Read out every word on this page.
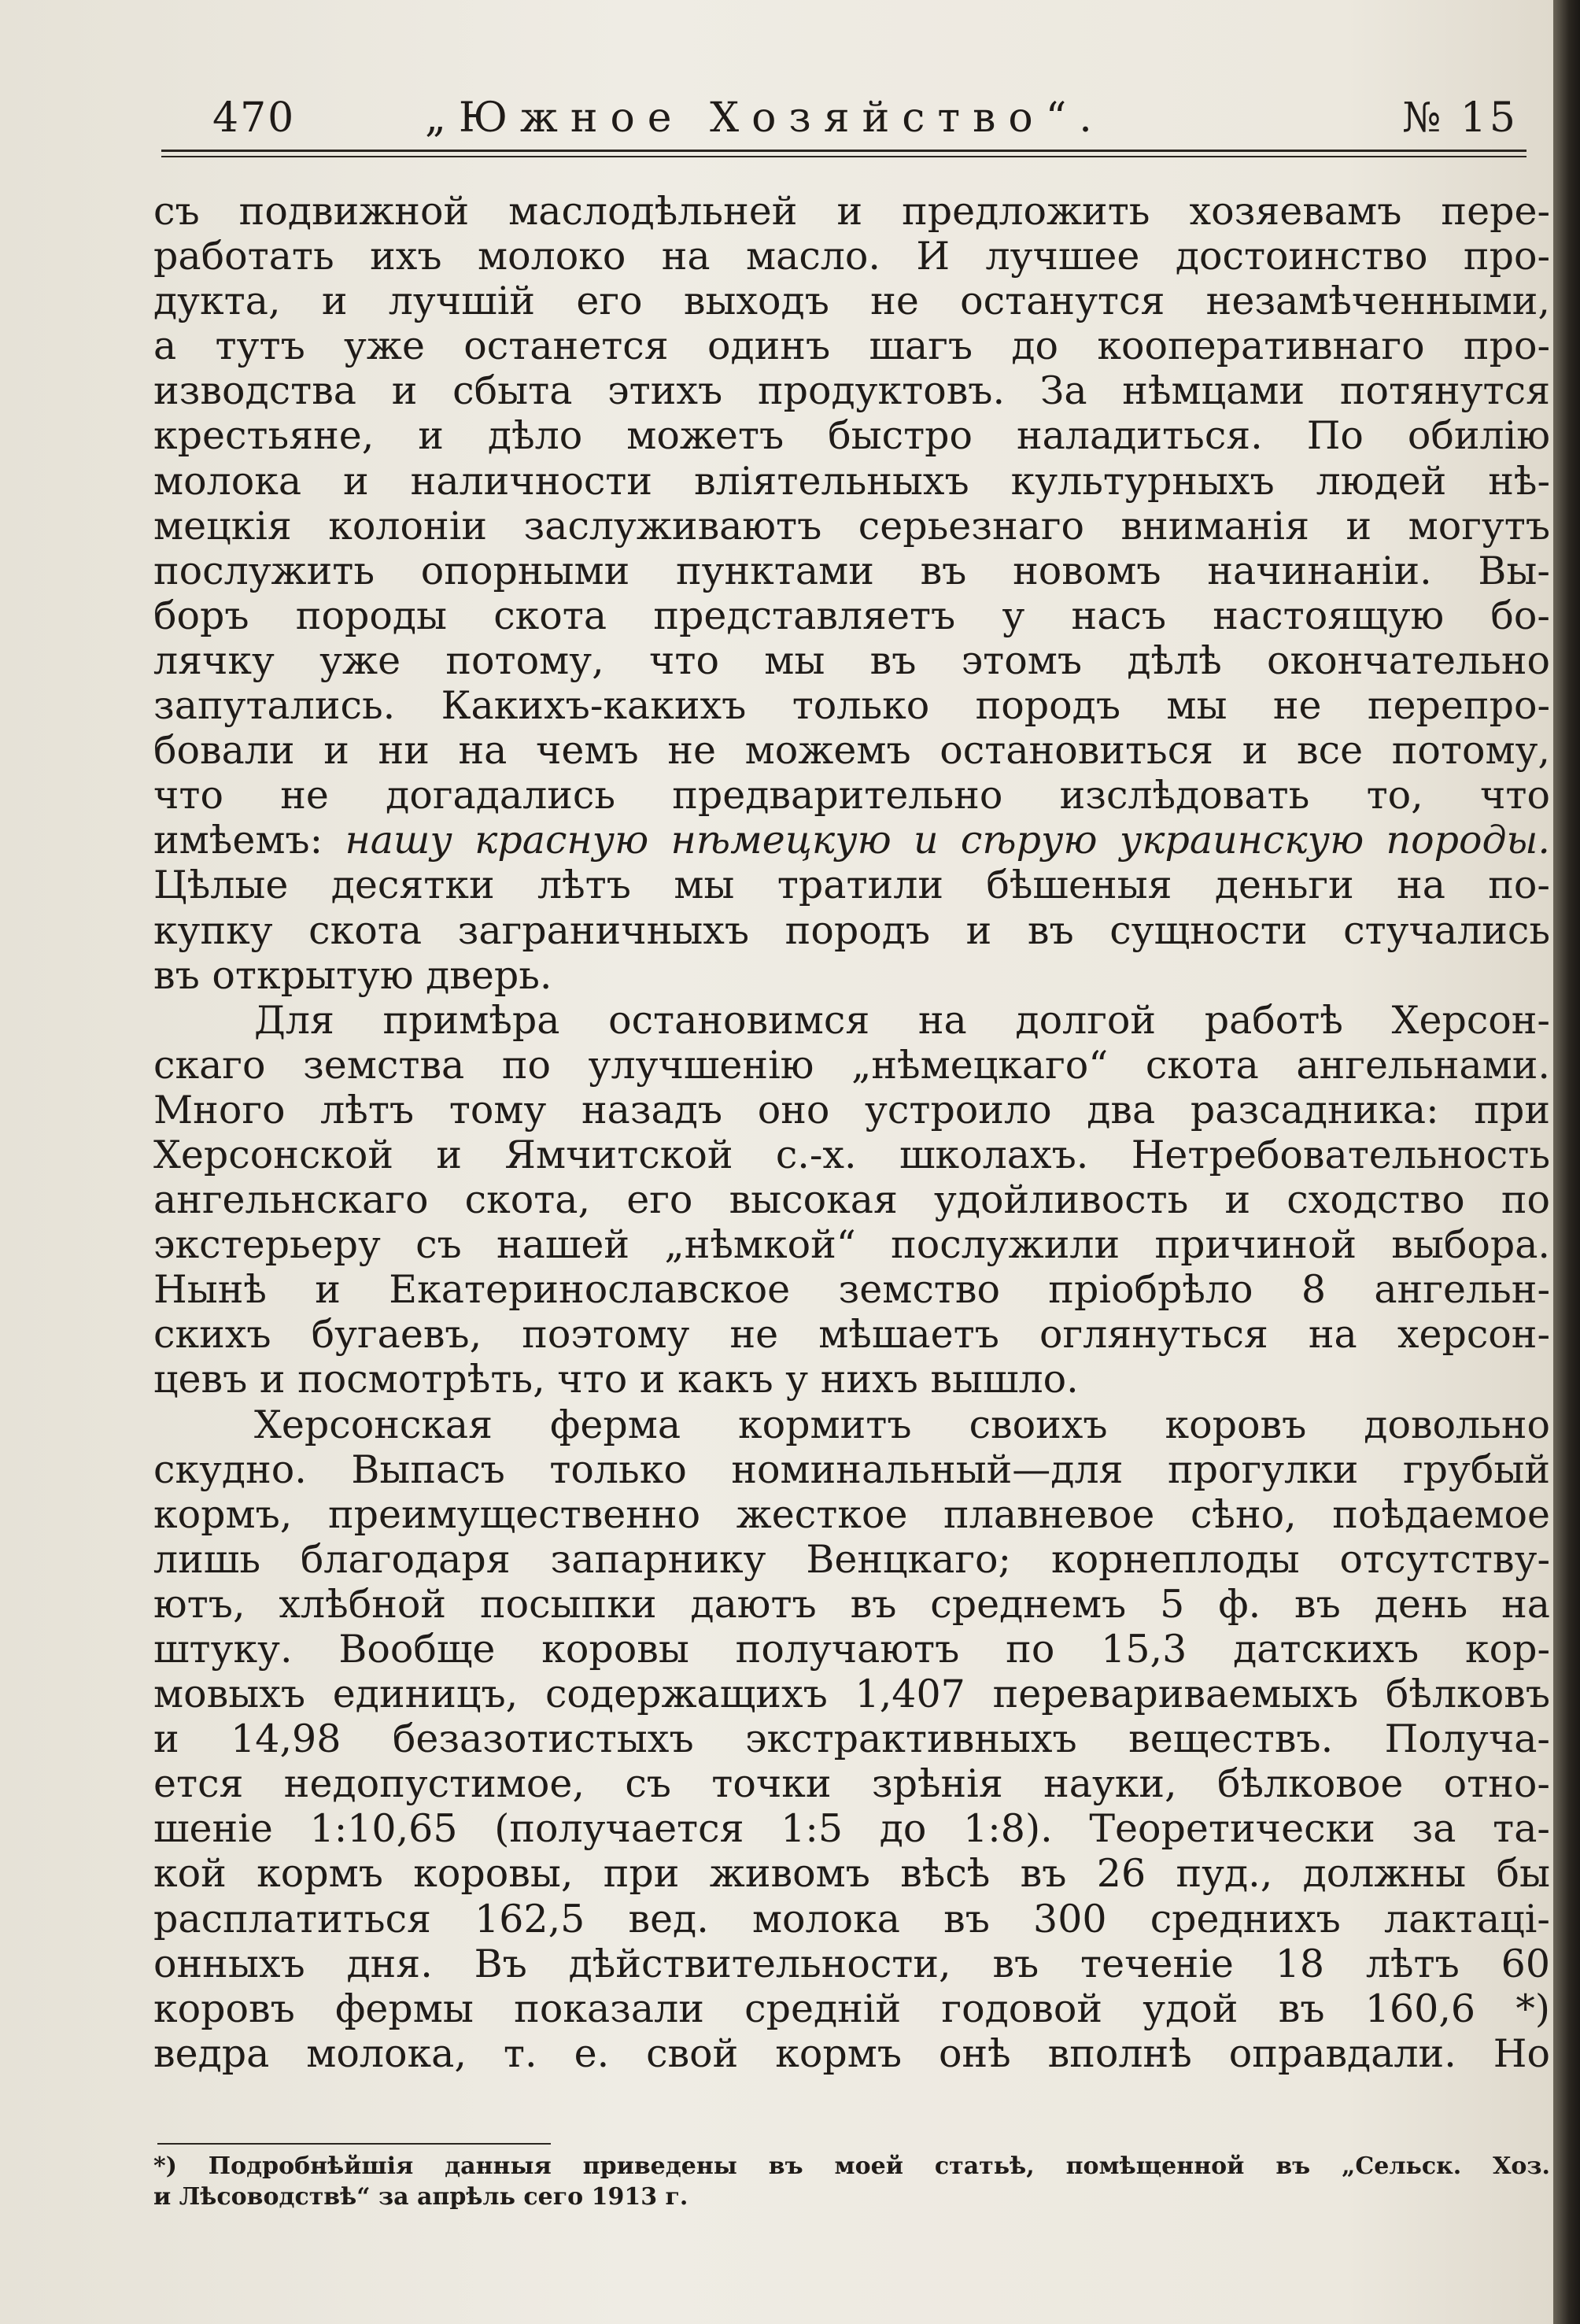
470	„Южное Хозяйство“.	№ 15
съ подвижной маслодѣльней и предложить хозяевамъ пере-
работать ихъ молоко на масло. И лучшее достоинство про-
дукта, и лучшій его выходъ не останутся незамѣченными,
а тутъ уже останется одинъ шагъ до кооперативнаго про-
изводства и сбыта этихъ продуктовъ. За нѣмцами потянутся
крестьяне, и дѣло можетъ быстро наладиться. По обилію
молока и наличности вліятельныхъ культурныхъ людей нѣ-
мецкія колоніи заслуживаютъ серьезнаго вниманія и могутъ
послужить опорными пунктами въ новомъ начинаніи. Вы-
боръ породы скота представляетъ у насъ настоящую бо-
лячку уже потому, что мы въ этомъ дѣлѣ окончательно
запутались. Какихъ-какихъ только породъ мы не перепро-
бовали и ни на чемъ не можемъ остановиться и все потому,
что не догадались предварительно изслѣдовать то, что
имѣемъ: нашу красную нѣмецкую и сѣрую украинскую породы.
Цѣлые десятки лѣтъ мы тратили бѣшеныя деньги на по-
купку скота заграничныхъ породъ и въ сущности стучались
въ открытую дверь.
Для примѣра остановимся на долгой работѣ Херсон-
скаго земства по улучшенію „нѣмецкаго“ скота ангельнами.
Много лѣтъ тому назадъ оно устроило два разсадника: при
Херсонской и Ямчитской с.-х. школахъ. Нетребовательность
ангельнскаго скота, его высокая удойливость и сходство по
экстерьеру съ нашей „нѣмкой“ послужили причиной выбора.
Нынѣ и Екатеринославское земство пріобрѣло 8 ангельн-
скихъ бугаевъ, поэтому не мѣшаетъ оглянуться на херсон-
цевъ и посмотрѣть, что и какъ у нихъ вышло.
Херсонская ферма кормитъ своихъ коровъ довольно
скудно. Выпасъ только номинальный—для прогулки грубый
кормъ, преимущественно жесткое плавневое сѣно, поѣдаемое
лишь благодаря запарнику Венцкаго; корнеплоды отсутству-
ютъ, хлѣбной посыпки даютъ въ среднемъ 5 ф. въ день на
штуку. Вообще коровы получаютъ по 15,3 датскихъ кор-
мовыхъ единицъ, содержащихъ 1,407 перевариваемыхъ бѣлковъ
и 14,98 безазотистыхъ экстрактивныхъ веществъ. Получа-
ется недопустимое, съ точки зрѣнія науки, бѣлковое отно-
шеніе 1:10,65 (получается 1:5 до 1:8). Теоретически за та-
кой кормъ коровы, при живомъ вѣсѣ въ 26 пуд., должны бы
расплатиться 162,5 вед. молока въ 300 среднихъ лактаці-
онныхъ дня. Въ дѣйствительности, въ теченіе 18 лѣтъ 60
коровъ фермы показали средній годовой удой въ 160,6 *)
ведра молока, т. е. свой кормъ онѣ вполнѣ оправдали. Но
*) Подробнѣйшія данныя приведены въ моей статьѣ, помѣщенной въ „Сельск. Хоз.
и Лѣсоводствѣ“ за апрѣль сего 1913 г.
